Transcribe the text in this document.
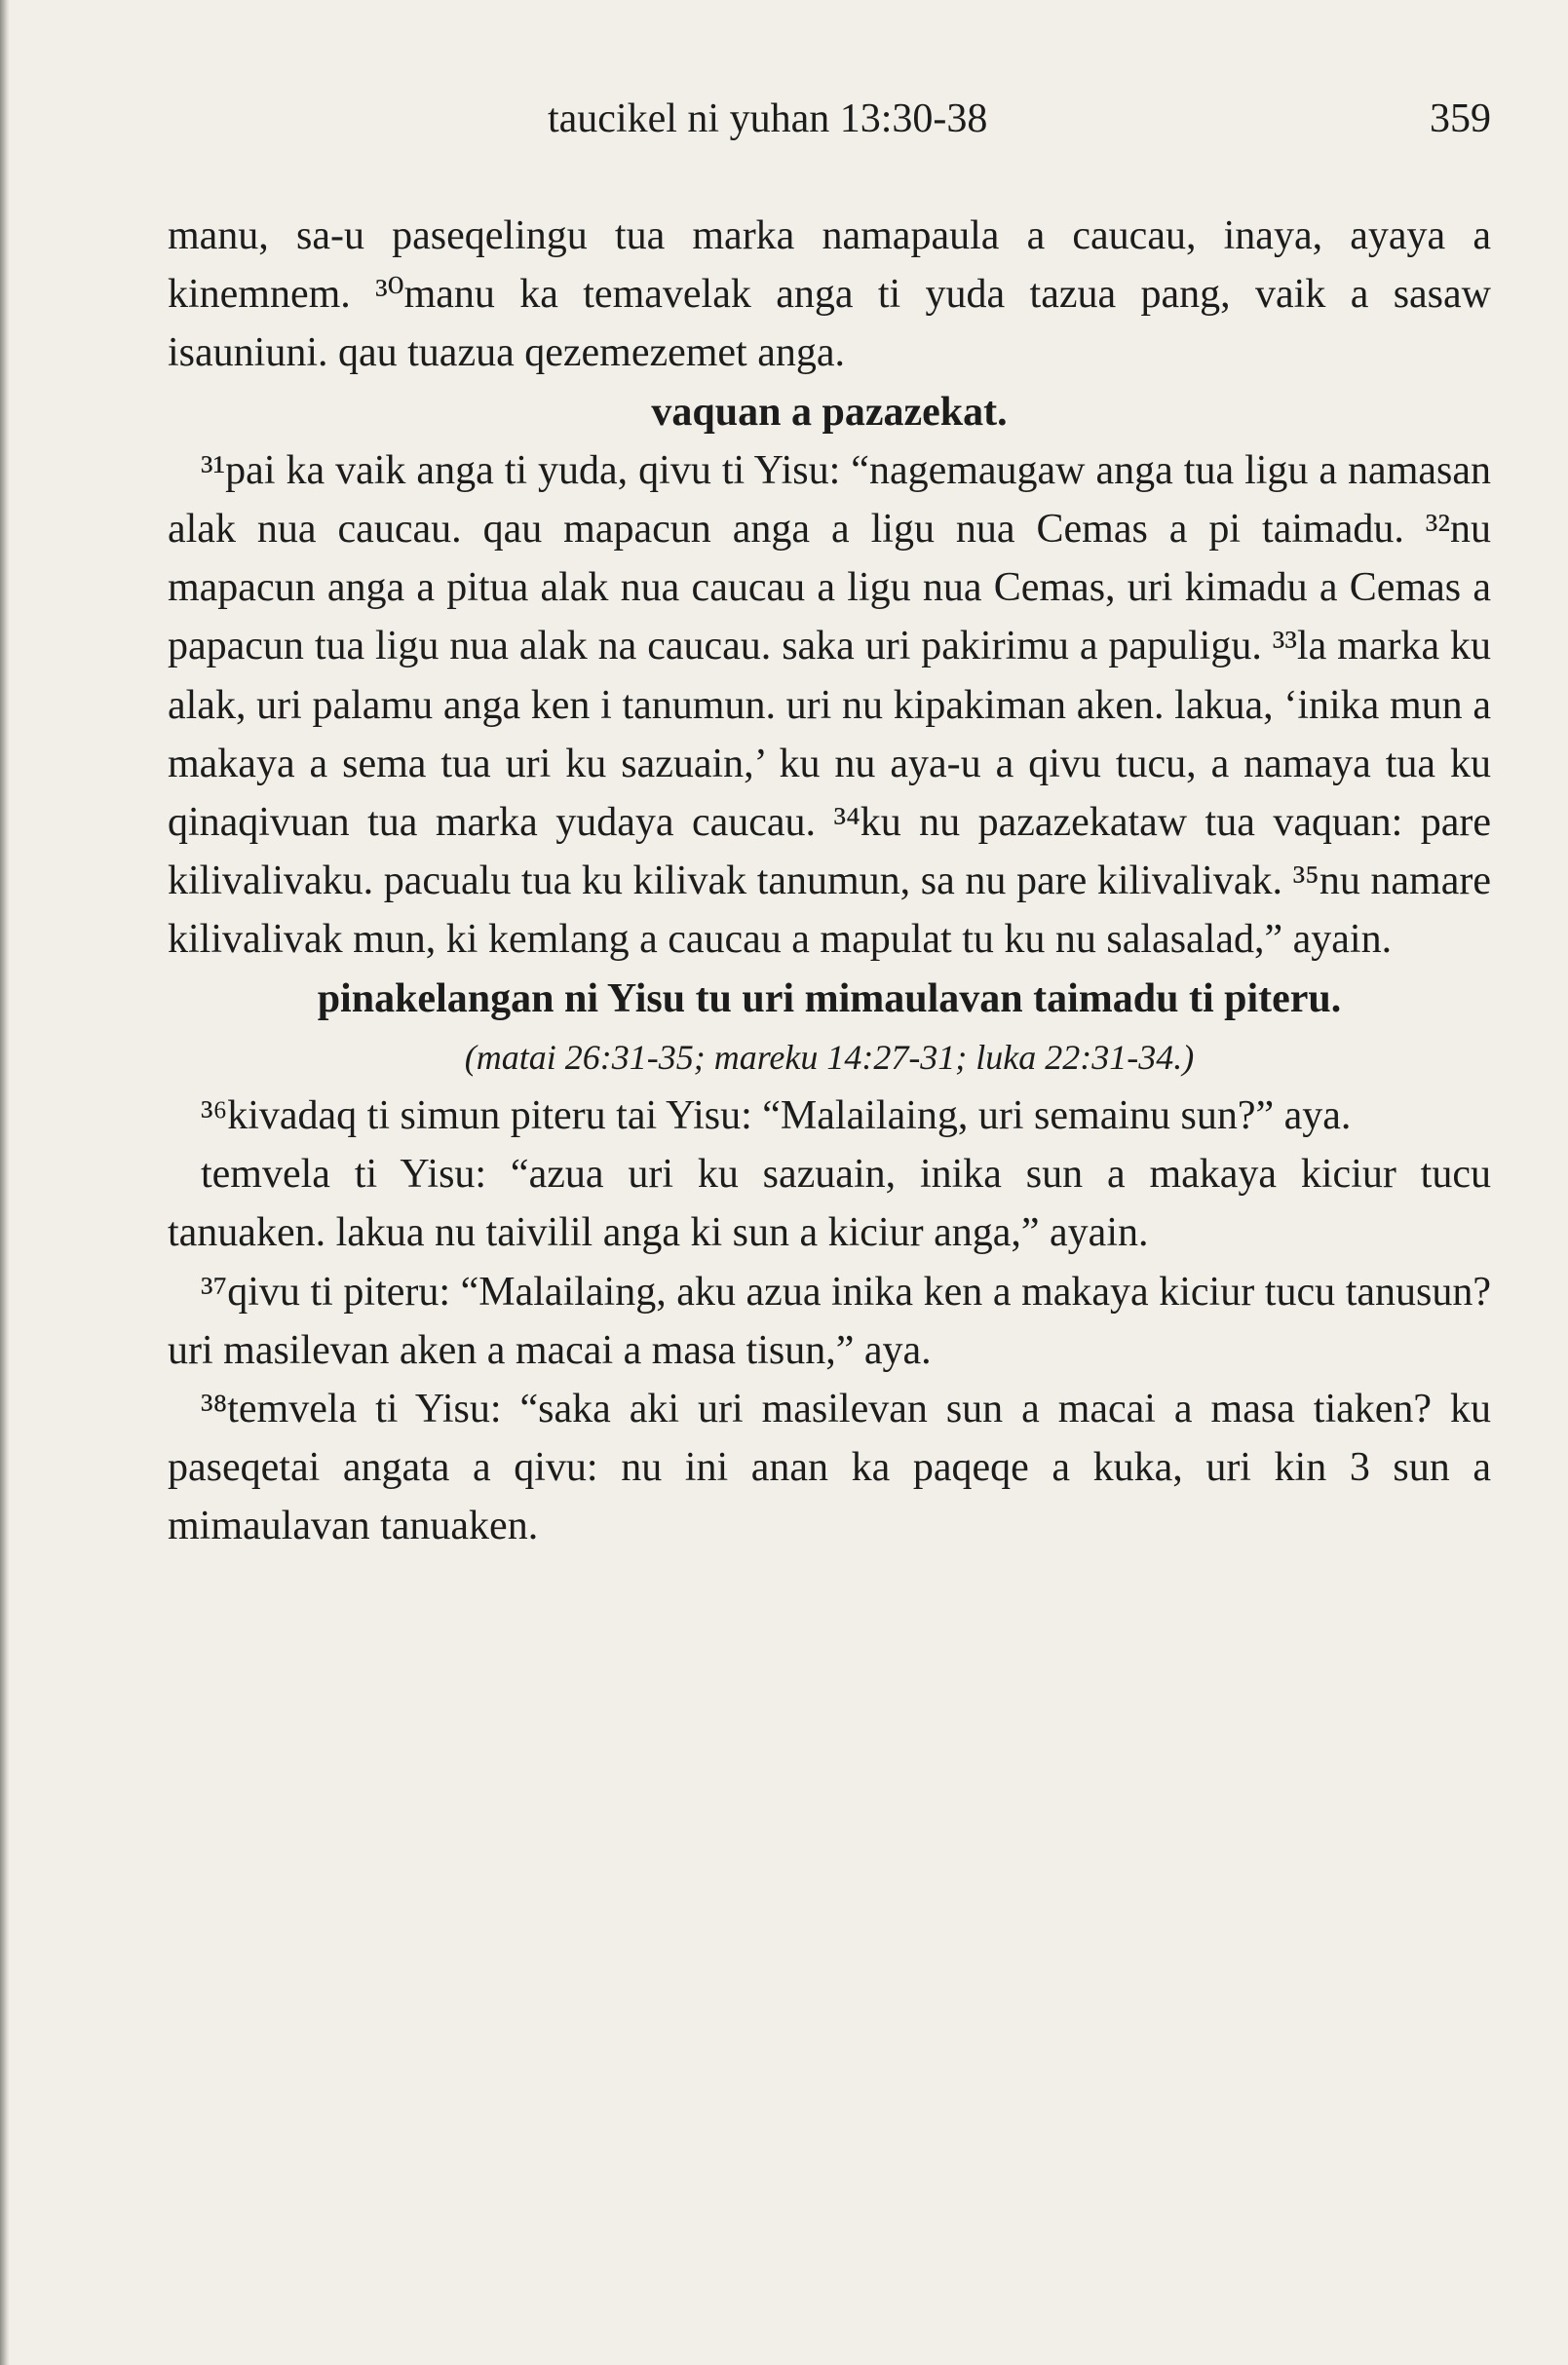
taucikel ni yuhan 13:30-38	359

manu, sa-u paseqelingu tua marka namapaula a caucau, inaya, ayaya a kinemnem. ³⁰manu ka temavelak anga ti yuda tazua pang, vaik a sasaw isauniuni. qau tuazua qezemezemet anga.

vaquan a pazazekat.

³¹pai ka vaik anga ti yuda, qivu ti Yisu: “nagemaugaw anga tua ligu a namasan alak nua caucau. qau mapacun anga a ligu nua Cemas a pi taimadu. ³²nu mapacun anga a pitua alak nua caucau a ligu nua Cemas, uri kimadu a Cemas a papacun tua ligu nua alak na caucau. saka uri pakirimu a papuligu. ³³la marka ku alak, uri palamu anga ken i tanumun. uri nu kipakiman aken. lakua, ‘inika mun a makaya a sema tua uri ku sazuain,’ ku nu aya-u a qivu tucu, a namaya tua ku qinaqivuan tua marka yudaya caucau. ³⁴ku nu pazazekataw tua vaquan: pare kilivalivaku. pacualu tua ku kilivak tanumun, sa nu pare kilivalivak. ³⁵nu namare kilivalivak mun, ki kemlang a caucau a mapulat tu ku nu salasalad,” ayain.

pinakelangan ni Yisu tu uri mimaulavan taimadu ti piteru.

(matai 26:31-35; mareku 14:27-31; luka 22:31-34.)

³⁶kivadaq ti simun piteru tai Yisu: “Malailaing, uri semainu sun?” aya.

temvela ti Yisu: “azua uri ku sazuain, inika sun a makaya kiciur tucu tanuaken. lakua nu taivilil anga ki sun a kiciur anga,” ayain.

³⁷qivu ti piteru: “Malailaing, aku azua inika ken a makaya kiciur tucu tanusun? uri masilevan aken a macai a masa tisun,” aya.

³⁸temvela ti Yisu: “saka aki uri masilevan sun a macai a masa tiaken? ku paseqetai angata a qivu: nu ini anan ka paqeqe a kuka, uri kin 3 sun a mimaulavan tanuaken.
